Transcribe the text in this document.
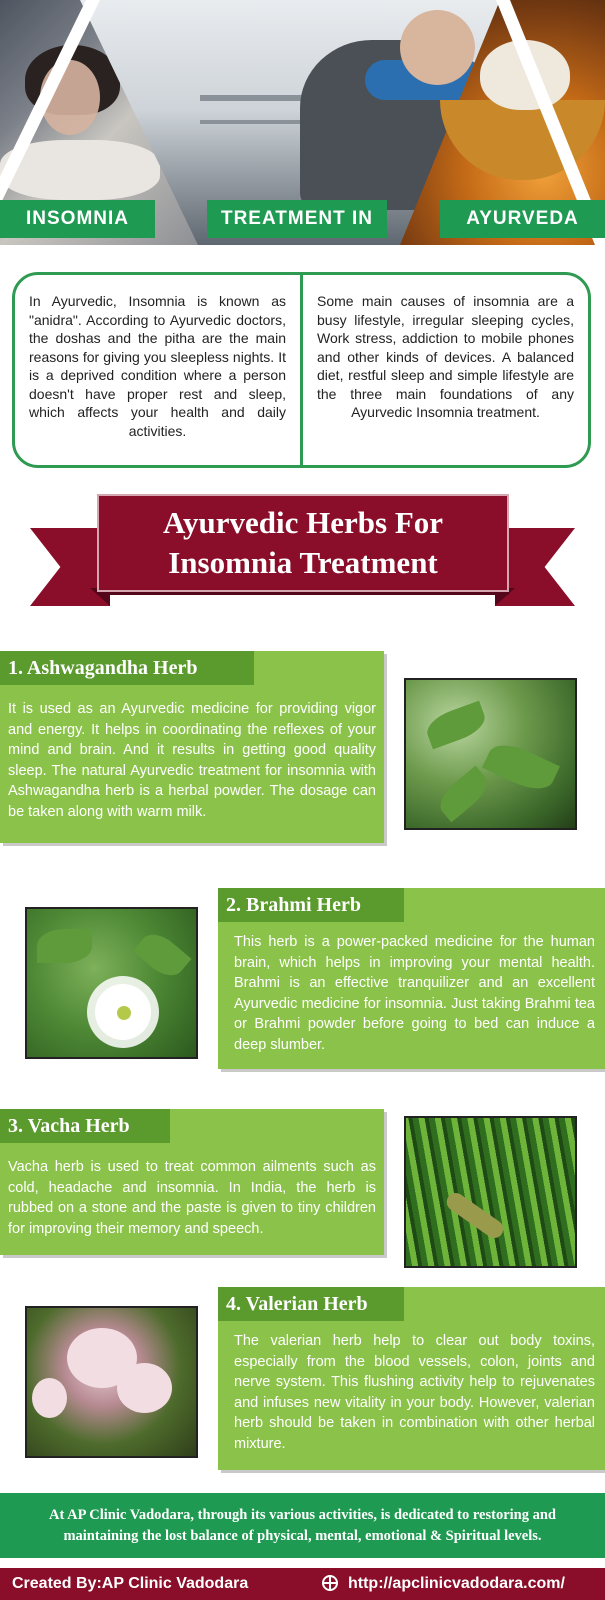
INSOMNIA	TREATMENT IN	AYURVEDA
In Ayurvedic, Insomnia is known as "anidra". According to Ayurvedic doctors, the doshas and the pitha are the main reasons for giving you sleepless nights. It is a deprived condition where a person doesn't have proper rest and sleep, which affects your health and daily activities.
Some main causes of insomnia are a busy lifestyle, irregular sleeping cycles, Work stress, addiction to mobile phones and other kinds of devices. A balanced diet, restful sleep and simple lifestyle are the three main foundations of any Ayurvedic Insomnia treatment.
Ayurvedic Herbs For
Insomnia Treatment
1. Ashwagandha Herb
It is used as an Ayurvedic medicine for providing vigor and energy. It helps in coordinating the reflexes of your mind and brain. And it results in getting good quality sleep. The natural Ayurvedic treatment for insomnia with Ashwagandha herb is a herbal powder. The dosage can be taken along with warm milk.
2. Brahmi Herb
This herb is a power-packed medicine for the human brain, which helps in improving your mental health. Brahmi is an effective tranquilizer and an excellent Ayurvedic medicine for insomnia. Just taking Brahmi tea or Brahmi powder before going to bed can induce a deep slumber.
3. Vacha Herb
Vacha herb is used to treat common ailments such as cold, headache and insomnia. In India, the herb is rubbed on a stone and the paste is given to tiny children for improving their memory and speech.
4. Valerian Herb
The valerian herb help to clear out body toxins, especially from the blood vessels, colon, joints and nerve system. This flushing activity help to rejuvenates and infuses new vitality in your body. However, valerian herb should be taken in combination with other herbal mixture.
At AP Clinic Vadodara, through its various activities, is dedicated to restoring and maintaining the lost balance of physical, mental, emotional & Spiritual levels.
Created By:AP Clinic Vadodara	http://apclinicvadodara.com/
